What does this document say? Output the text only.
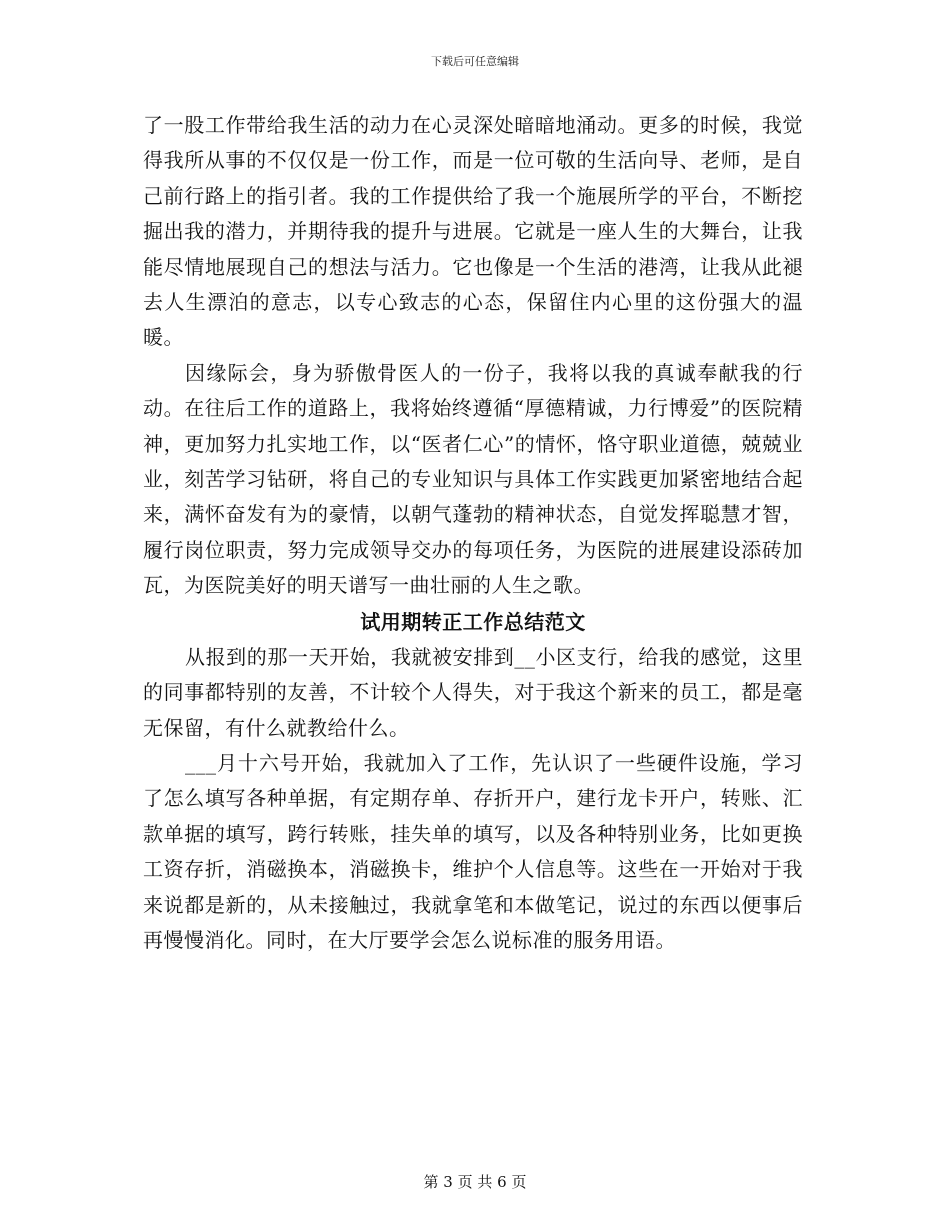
下载后可任意编辑

了一股工作带给我生活的动力在心灵深处暗暗地涌动。更多的时候，我觉得我所从事的不仅仅是一份工作，而是一位可敬的生活向导、老师，是自己前行路上的指引者。我的工作提供给了我一个施展所学的平台，不断挖掘出我的潜力，并期待我的提升与进展。它就是一座人生的大舞台，让我能尽情地展现自己的想法与活力。它也像是一个生活的港湾，让我从此褪去人生漂泊的意志，以专心致志的心态，保留住内心里的这份强大的温暖。

因缘际会，身为骄傲骨医人的一份子，我将以我的真诚奉献我的行动。在往后工作的道路上，我将始终遵循“厚德精诚，力行博爱”的医院精神，更加努力扎实地工作，以“医者仁心”的情怀，恪守职业道德，兢兢业业，刻苦学习钻研，将自己的专业知识与具体工作实践更加紧密地结合起来，满怀奋发有为的豪情，以朝气蓬勃的精神状态，自觉发挥聪慧才智，履行岗位职责，努力完成领导交办的每项任务，为医院的进展建设添砖加瓦，为医院美好的明天谱写一曲壮丽的人生之歌。

试用期转正工作总结范文

从报到的那一天开始，我就被安排到__小区支行，给我的感觉，这里的同事都特别的友善，不计较个人得失，对于我这个新来的员工，都是毫无保留，有什么就教给什么。

___月十六号开始，我就加入了工作，先认识了一些硬件设施，学习了怎么填写各种单据，有定期存单、存折开户，建行龙卡开户，转账、汇款单据的填写，跨行转账，挂失单的填写，以及各种特别业务，比如更换工资存折，消磁换本，消磁换卡，维护个人信息等。这些在一开始对于我来说都是新的，从未接触过，我就拿笔和本做笔记，说过的东西以便事后再慢慢消化。同时，在大厅要学会怎么说标准的服务用语。

第 3 页 共 6 页
